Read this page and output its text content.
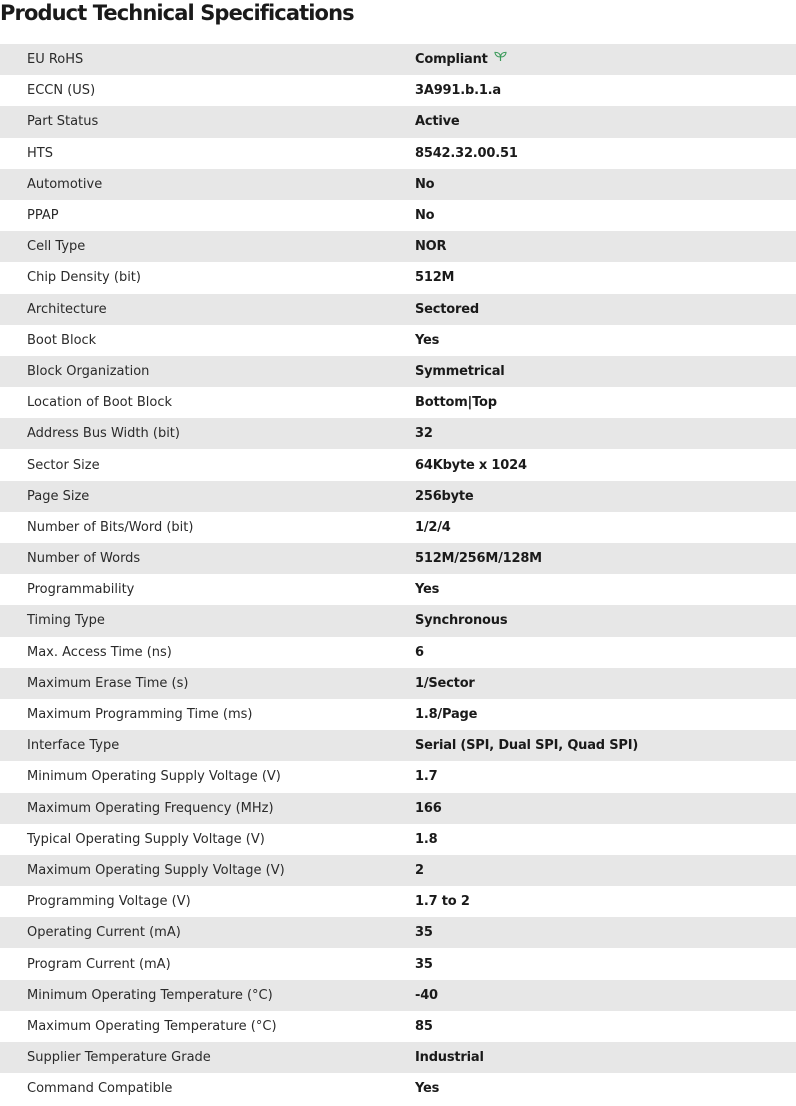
Product Technical Specifications
EU RoHS	Compliant
ECCN (US)	3A991.b.1.a
Part Status	Active
HTS	8542.32.00.51
Automotive	No
PPAP	No
Cell Type	NOR
Chip Density (bit)	512M
Architecture	Sectored
Boot Block	Yes
Block Organization	Symmetrical
Location of Boot Block	Bottom|Top
Address Bus Width (bit)	32
Sector Size	64Kbyte x 1024
Page Size	256byte
Number of Bits/Word (bit)	1/2/4
Number of Words	512M/256M/128M
Programmability	Yes
Timing Type	Synchronous
Max. Access Time (ns)	6
Maximum Erase Time (s)	1/Sector
Maximum Programming Time (ms)	1.8/Page
Interface Type	Serial (SPI, Dual SPI, Quad SPI)
Minimum Operating Supply Voltage (V)	1.7
Maximum Operating Frequency (MHz)	166
Typical Operating Supply Voltage (V)	1.8
Maximum Operating Supply Voltage (V)	2
Programming Voltage (V)	1.7 to 2
Operating Current (mA)	35
Program Current (mA)	35
Minimum Operating Temperature (°C)	-40
Maximum Operating Temperature (°C)	85
Supplier Temperature Grade	Industrial
Command Compatible	Yes
